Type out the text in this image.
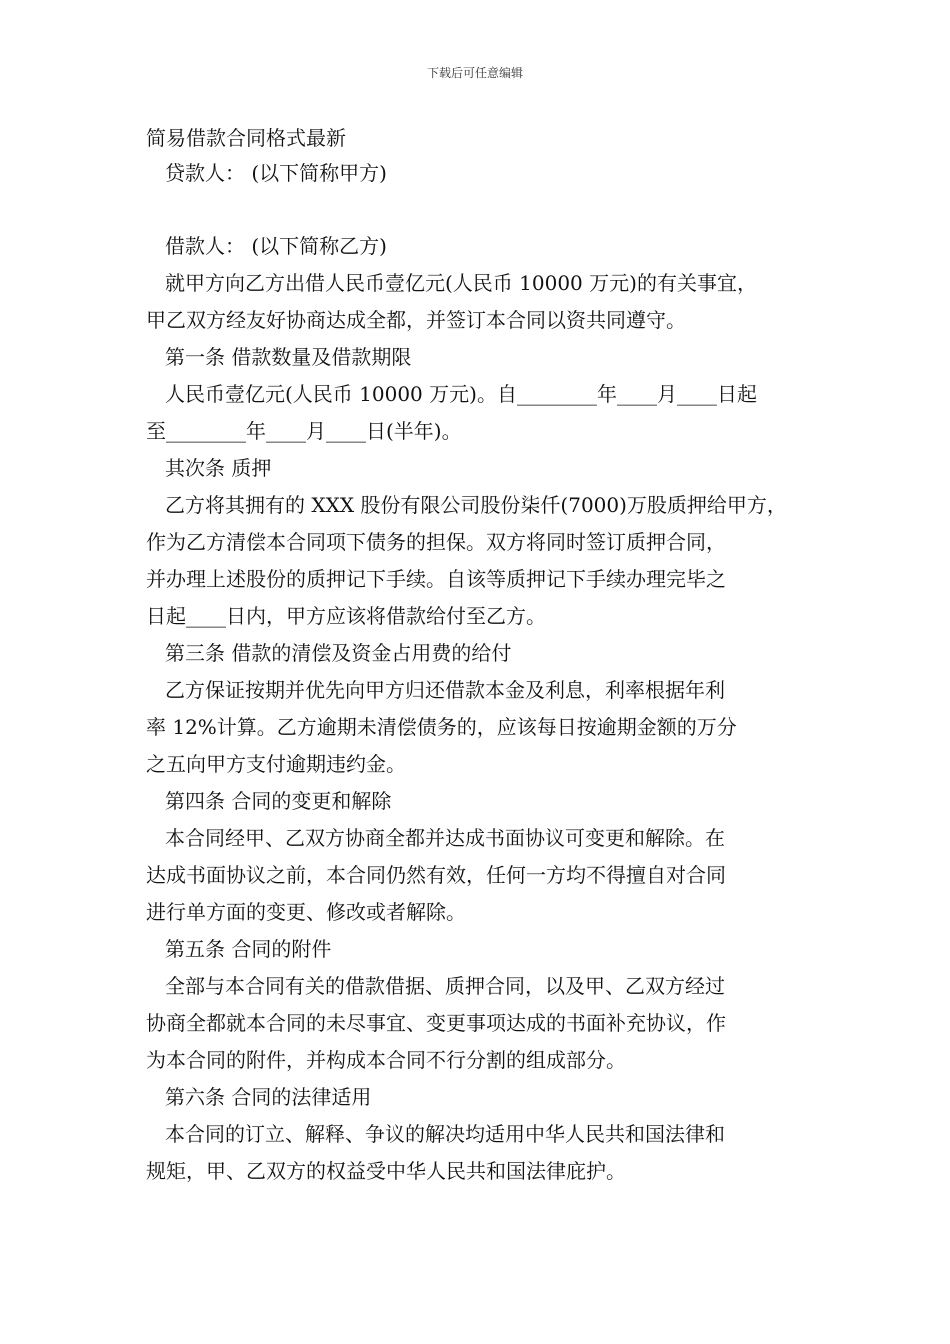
下载后可任意编辑
简易借款合同格式最新
贷款人： (以下简称甲方)
借款人： (以下简称乙方)
就甲方向乙方出借人民币壹亿元(人民币 10000 万元)的有关事宜，
甲乙双方经友好协商达成全都，并签订本合同以资共同遵守。
第一条 借款数量及借款期限
人民币壹亿元(人民币 10000 万元)。自________年____月____日起
至________年____月____日(半年)。
其次条 质押
乙方将其拥有的 XXX 股份有限公司股份柒仟(7000)万股质押给甲方，
作为乙方清偿本合同项下债务的担保。双方将同时签订质押合同，
并办理上述股份的质押记下手续。自该等质押记下手续办理完毕之
日起____日内，甲方应该将借款给付至乙方。
第三条 借款的清偿及资金占用费的给付
乙方保证按期并优先向甲方归还借款本金及利息，利率根据年利
率 12%计算。乙方逾期未清偿债务的，应该每日按逾期金额的万分
之五向甲方支付逾期违约金。
第四条 合同的变更和解除
本合同经甲、乙双方协商全都并达成书面协议可变更和解除。在
达成书面协议之前，本合同仍然有效，任何一方均不得擅自对合同
进行单方面的变更、修改或者解除。
第五条 合同的附件
全部与本合同有关的借款借据、质押合同，以及甲、乙双方经过
协商全都就本合同的未尽事宜、变更事项达成的书面补充协议，作
为本合同的附件，并构成本合同不行分割的组成部分。
第六条 合同的法律适用
本合同的订立、解释、争议的解决均适用中华人民共和国法律和
规矩，甲、乙双方的权益受中华人民共和国法律庇护。
